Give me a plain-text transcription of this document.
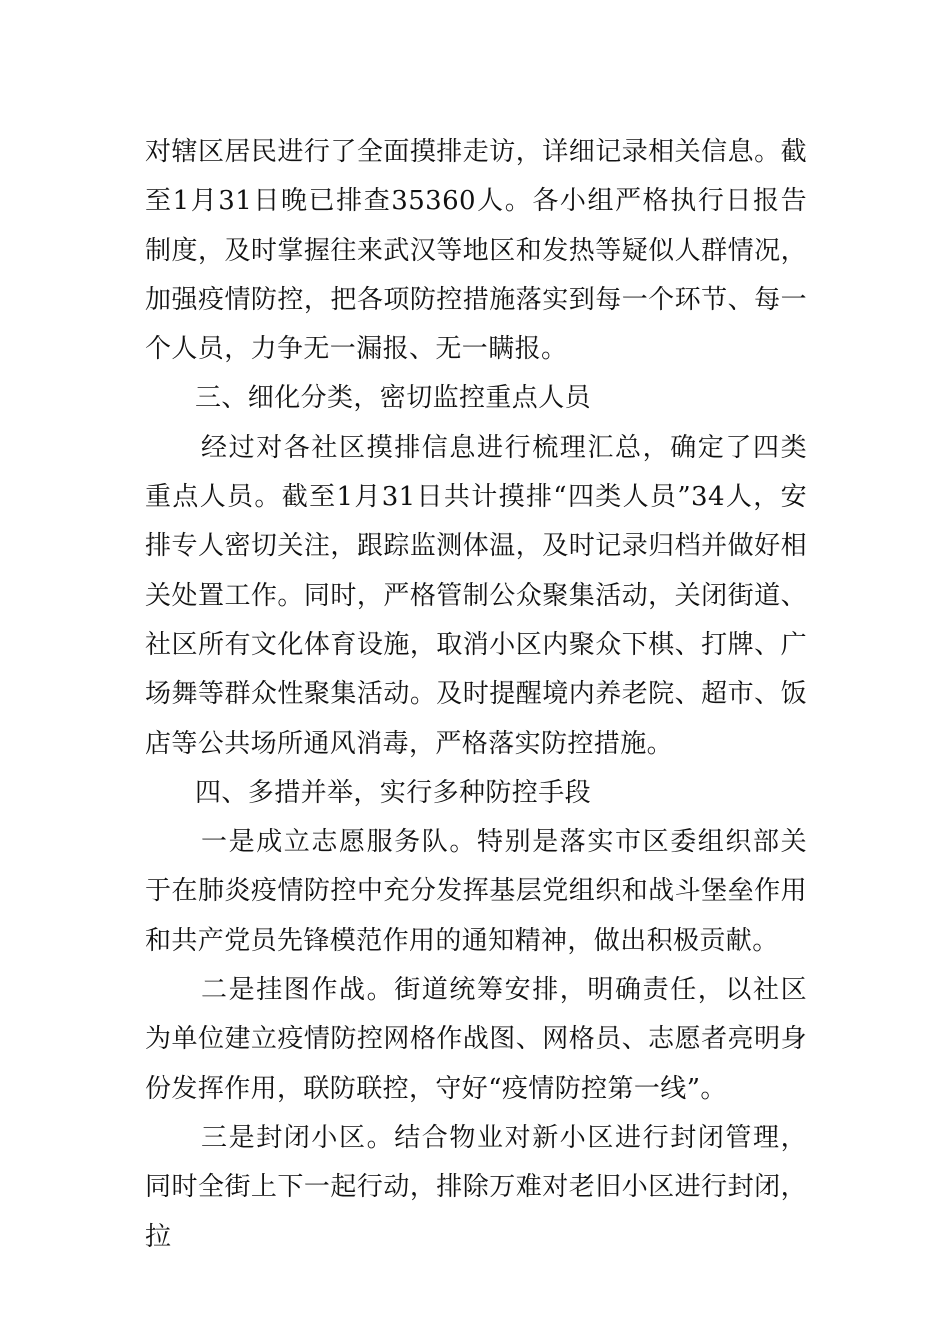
对辖区居民进行了全面摸排走访，详细记录相关信息。截至1月31日晚已排查35360人。各小组严格执行日报告制度，及时掌握往来武汉等地区和发热等疑似人群情况，加强疫情防控，把各项防控措施落实到每一个环节、每一个人员，力争无一漏报、无一瞒报。

三、细化分类，密切监控重点人员

经过对各社区摸排信息进行梳理汇总，确定了四类重点人员。截至1月31日共计摸排“四类人员”34人，安排专人密切关注，跟踪监测体温，及时记录归档并做好相关处置工作。同时，严格管制公众聚集活动，关闭街道、社区所有文化体育设施，取消小区内聚众下棋、打牌、广场舞等群众性聚集活动。及时提醒境内养老院、超市、饭店等公共场所通风消毒，严格落实防控措施。

四、多措并举，实行多种防控手段

一是成立志愿服务队。特别是落实市区委组织部关于在肺炎疫情防控中充分发挥基层党组织和战斗堡垒作用和共产党员先锋模范作用的通知精神，做出积极贡献。

二是挂图作战。街道统筹安排，明确责任，以社区为单位建立疫情防控网格作战图、网格员、志愿者亮明身份发挥作用，联防联控，守好“疫情防控第一线”。

三是封闭小区。结合物业对新小区进行封闭管理，同时全街上下一起行动，排除万难对老旧小区进行封闭，拉
